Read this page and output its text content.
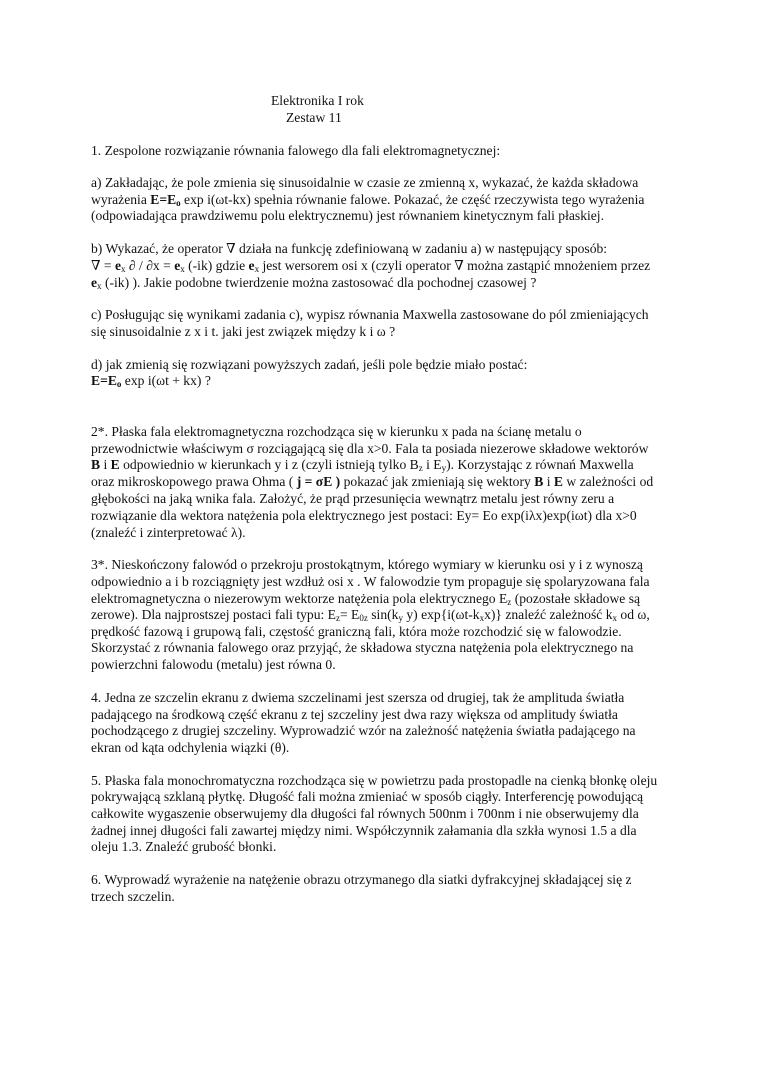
Elektronika I rok
Zestaw 11
1. Zespolone rozwiązanie równania falowego dla fali elektromagnetycznej:
a) Zakładając, że pole zmienia się sinusoidalnie w czasie ze zmienną x, wykazać, że każda składowa
wyrażenia $E=E_o$ exp i(ωt-kx) spełnia równanie falowe. Pokazać, że część rzeczywista tego wyrażenia
(odpowiadająca prawdziwemu polu elektrycznemu) jest równaniem kinetycznym fali płaskiej.
b) Wykazać, że operator ∇ działa na funkcję zdefiniowaną w zadaniu a) w następujący sposób:
∇ = $e_x$ ∂ / $\partial x = e_x$ (-ik) gdzie $e_x$ jest wersorem osi x (czyli operator ∇ można zastąpić mnożeniem przez
$e_x$ (-ik) ). Jakie podobne twierdzenie można zastosować dla pochodnej czasowej ?
c) Posługując się wynikami zadania c), wypisz równania Maxwella zastosowane do pól zmieniających
się sinusoidalnie z x i t. jaki jest związek między k i ω ?
d) jak zmienią się rozwiązani powyższych zadań, jeśli pole będzie miało postać:
$E=E_o$ exp i(ωt + kx) ?
2*. Płaska fala elektromagnetyczna rozchodząca się w kierunku x pada na ścianę metalu o
przewodnictwie właściwym σ rozciągającą się dla x>0. Fala ta posiada niezerowe składowe wektorów
B i E odpowiednio w kierunkach y i z (czyli istnieją tylko $B_z$ i $E_y$). Korzystając z równań Maxwella
oraz mikroskopowego prawa Ohma ( j = σE ) pokazać jak zmieniają się wektory B i E w zależności od
głębokości na jaką wnika fala. Założyć, że prąd przesunięcia wewnątrz metalu jest równy zeru a
rozwiązanie dla wektora natężenia pola elektrycznego jest postaci: Ey= Eo exp(iλx)exp(iωt) dla x>0
(znaleźć i zinterpretować λ).
3*. Nieskończony falowód o przekroju prostokątnym, którego wymiary w kierunku osi y i z wynoszą
odpowiednio a i b rozciągnięty jest wzdłuż osi x . W falowodzie tym propaguje się spolaryzowana fala
elektromagnetyczna o niezerowym wektorze natężenia pola elektrycznego $E_z$ (pozostałe składowe są
zerowe). Dla najprostszej postaci fali typu: $E_z= E_{0z}$ $\sin(k_y$ y) $\exp\{i(\omega t-k_xx)\}$ znaleźć zależność $k_x$ od ω,
prędkość fazową i grupową fali, częstość graniczną fali, która może rozchodzić się w falowodzie.
Skorzystać z równania falowego oraz przyjąć, że składowa styczna natężenia pola elektrycznego na
powierzchni falowodu (metalu) jest równa 0.
4. Jedna ze szczelin ekranu z dwiema szczelinami jest szersza od drugiej, tak że amplituda światła
padającego na środkową część ekranu z tej szczeliny jest dwa razy większa od amplitudy światła
pochodzącego z drugiej szczeliny. Wyprowadzić wzór na zależność natężenia światła padającego na
ekran od kąta odchylenia wiązki (θ).
5. Płaska fala monochromatyczna rozchodząca się w powietrzu pada prostopadle na cienką błonkę oleju
pokrywającą szklaną płytkę. Długość fali można zmieniać w sposób ciągły. Interferencję powodującą
całkowite wygaszenie obserwujemy dla długości fal równych 500nm i 700nm i nie obserwujemy dla
żadnej innej długości fali zawartej między nimi. Współczynnik załamania dla szkła wynosi 1.5 a dla
oleju 1.3. Znaleźć grubość błonki.
6. Wyprowadź wyrażenie na natężenie obrazu otrzymanego dla siatki dyfrakcyjnej składającej się z
trzech szczelin.
